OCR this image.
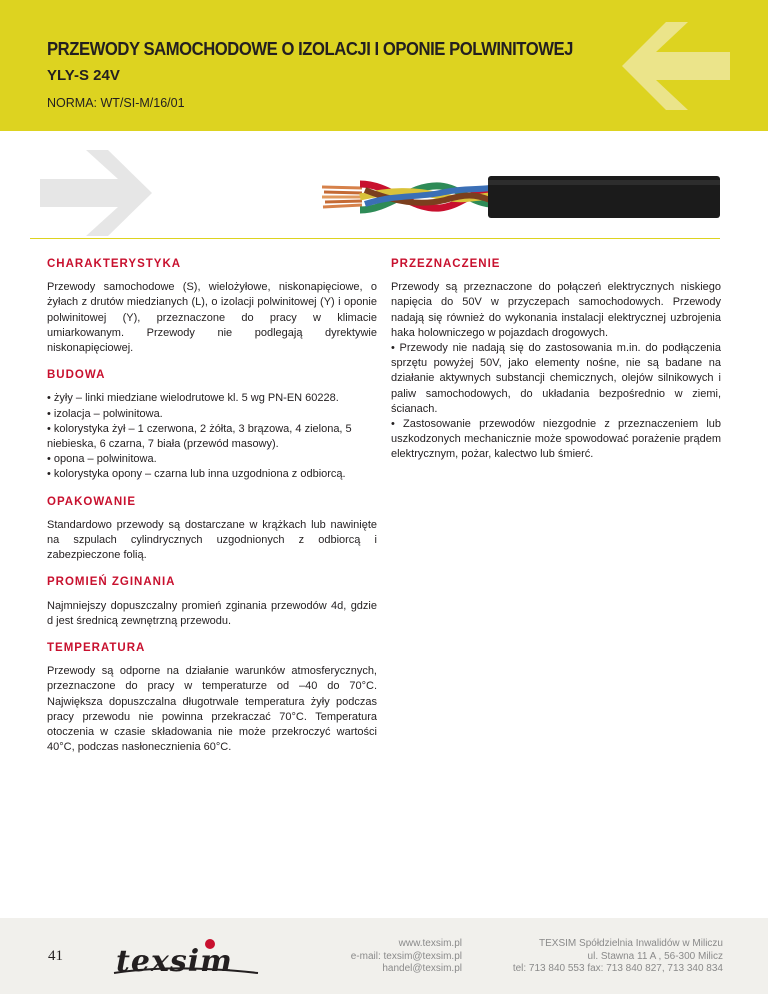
PRZEWODY SAMOCHODOWE O IZOLACJI I OPONIE POLWINITOWEJ
YLY-S 24V
NORMA: WT/SI-M/16/01
CHARAKTERYSTYKA

Przewody samochodowe (S), wielożyłowe, niskonapięciowe, o żyłach z drutów miedzianych (L), o izolacji polwinitowej (Y) i oponie polwinitowej (Y), przeznaczone do pracy w klimacie umiarkowanym. Przewody nie podlegają dyrektywie niskonapięciowej.

BUDOWA

• żyły – linki miedziane wielodrutowe kl. 5 wg PN-EN 60228.
• izolacja – polwinitowa.
• kolorystyka żył – 1 czerwona, 2 żółta, 3 brązowa, 4 zielona, 5 niebieska, 6 czarna, 7 biała (przewód masowy).
• opona – polwinitowa.
• kolorystyka opony – czarna lub inna uzgodniona z odbiorcą.

OPAKOWANIE

Standardowo przewody są dostarczane w krążkach lub nawinięte na szpulach cylindrycznych uzgodnionych z odbiorcą i zabezpieczone folią.

PROMIEŃ ZGINANIA

Najmniejszy dopuszczalny promień zginania przewodów 4d, gdzie d jest średnicą zewnętrzną przewodu.

TEMPERATURA

Przewody są odporne na działanie warunków atmosferycznych, przeznaczone do pracy w temperaturze od –40 do 70°C. Największa dopuszczalna długotrwale temperatura żyły podczas pracy przewodu nie powinna przekraczać 70°C. Temperatura otoczenia w czasie składowania nie może przekroczyć wartości 40°C, podczas nasłonecznienia 60°C.

PRZEZNACZENIE

Przewody są przeznaczone do połączeń elektrycznych niskiego napięcia do 50V w przyczepach samochodowych. Przewody nadają się również do wykonania instalacji elektrycznej uzbrojenia haka holowniczego w pojazdach drogowych.
• Przewody nie nadają się do zastosowania m.in. do podłączenia sprzętu powyżej 50V, jako elementy nośne, nie są badane na działanie aktywnych substancji chemicznych, olejów silnikowych i paliw samochodowych, do układania bezpośrednio w ziemi, ścianach.
• Zastosowanie przewodów niezgodnie z przeznaczeniem lub uszkodzonych mechanicznie może spowodować porażenie prądem elektrycznym, pożar, kalectwo lub śmierć.

41 texsim
www.texsim.pl
e-mail: texsim@texsim.pl
handel@texsim.pl
TEXSIM Spółdzielnia Inwalidów w Miliczu
ul. Stawna 11 A , 56-300 Milicz
tel: 713 840 553 fax: 713 840 827, 713 340 834
